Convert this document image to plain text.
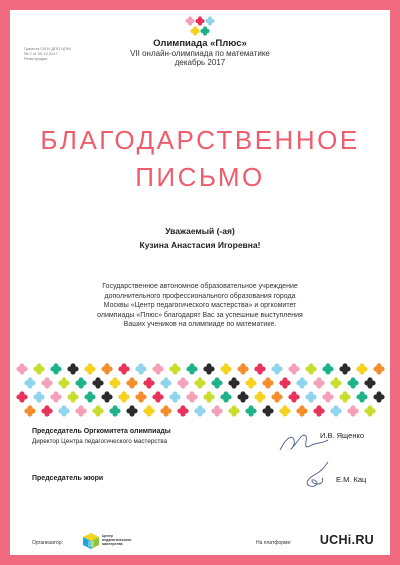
Грамота ГАОУ ДПО ЦПМ
№ 2 от 20.12.2017
Регистрация
Олимпиада «Плюс»
VII онлайн-олимпиада по математике
декабрь 2017
БЛАГОДАРСТВЕННОЕ
ПИСЬМО
Уважаемый (-ая)
Кузина Анастасия Игоревна!
Государственное автономное образовательное учреждение
дополнительного профессионального образования города
Москвы «Центр педагогического мастерства» и оргкомитет
олимпиады «Плюс» благодарят Вас за успешные выступления
Ваших учеников на олимпиаде по математике.
Председатель Оргкомитета олимпиады
Директор Центра педагогического мастерства
И.В. Ященко
Председатель жюри	Е.М. Кац
Организатор:
Центр
педагогического
мастерства	На платформе: UCHi.RU
